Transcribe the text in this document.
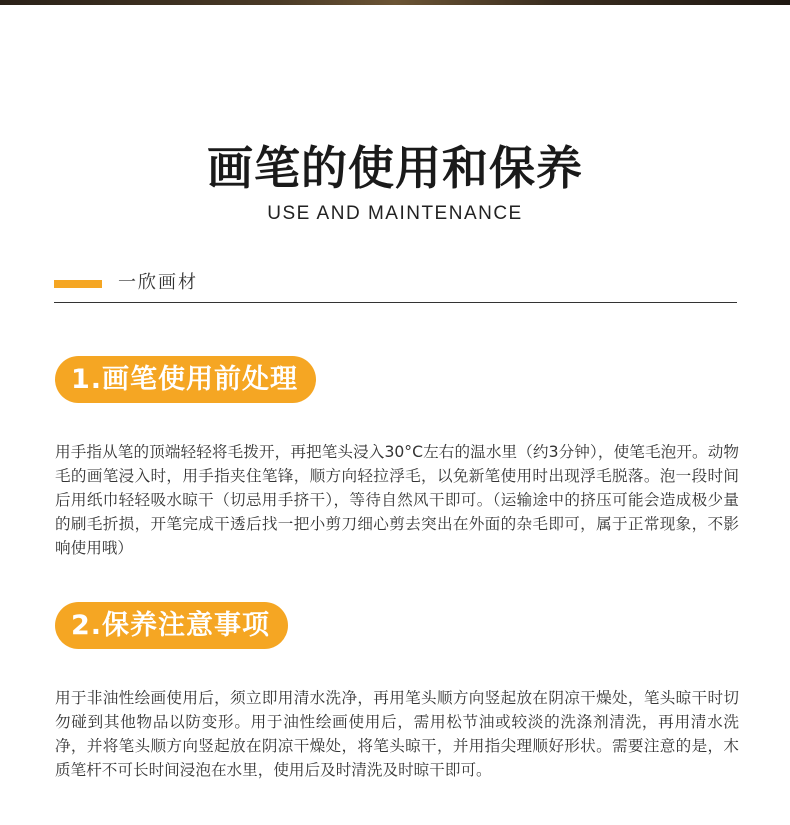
画笔的使用和保养
USE AND MAINTENANCE
一欣画材
1.画笔使用前处理

用手指从笔的顶端轻轻将毛拨开，再把笔头浸入30°C左右的温水里（约3分钟），使笔毛泡开。动物毛的画笔浸入时，用手指夹住笔锋，顺方向轻拉浮毛，以免新笔使用时出现浮毛脱落。泡一段时间后用纸巾轻轻吸水晾干（切忌用手挤干），等待自然风干即可。（运输途中的挤压可能会造成极少量的刷毛折损，开笔完成干透后找一把小剪刀细心剪去突出在外面的杂毛即可，属于正常现象，不影响使用哦）

2.保养注意事项

用于非油性绘画使用后，须立即用清水洗净，再用笔头顺方向竖起放在阴凉干燥处，笔头晾干时切勿碰到其他物品以防变形。用于油性绘画使用后，需用松节油或较淡的洗涤剂清洗，再用清水洗净，并将笔头顺方向竖起放在阴凉干燥处，将笔头晾干，并用指尖理顺好形状。需要注意的是，木质笔杆不可长时间浸泡在水里，使用后及时清洗及时晾干即可。
